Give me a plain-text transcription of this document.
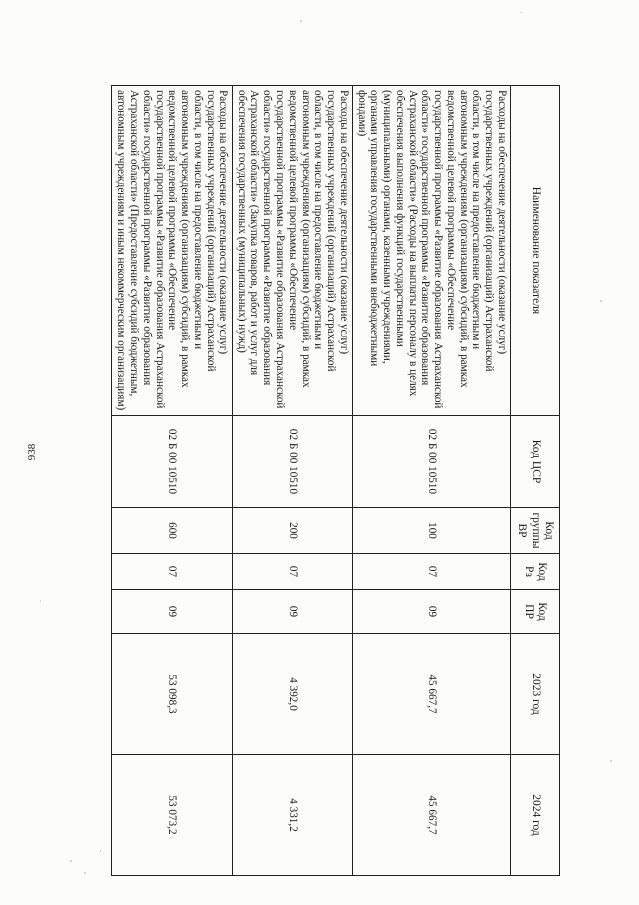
938
Наименование показателя	Код ЦСР	Код группы ВР	Код Рз	Код ПР	2023 год	2024 год
Расходы на обеспечение деятельности (оказание услуг) государственных учреждений (организаций) Астраханской области, в том числе на предоставление бюджетным и автономным учреждениям (организациям) субсидий, в рамках ведомственной целевой программы «Обеспечение государственной программы «Развитие образования Астраханской области» государственной программы «Развитие образования Астраханской области» (Расходы на выплаты персоналу в целях обеспечения выполнения функций государственными (муниципальными) органами, казенными учреждениями, органами управления государственными внебюджетными фондами)	02 Б 00 10510	100	07	09	45 667,7	45 667,7
Расходы на обеспечение деятельности (оказание услуг) государственных учреждений (организаций) Астраханской области, в том числе на предоставление бюджетным и автономным учреждениям (организациям) субсидий, в рамках ведомственной целевой программы «Обеспечение государственной программы «Развитие образования Астраханской области» государственной программы «Развитие образования Астраханской области» (Закупка товаров, работ и услуг для обеспечения государственных (муниципальных) нужд)	02 Б 00 10510	200	07	09	4 392,0	4 331,2
Расходы на обеспечение деятельности (оказание услуг) государственных учреждений (организаций) Астраханской области, в том числе на предоставление бюджетным и автономным учреждениям (организациям) субсидий, в рамках ведомственной целевой программы «Обеспечение государственной программы «Развитие образования Астраханской области» государственной программы «Развитие образования Астраханской области» (Предоставление субсидий бюджетным, автономным учреждениям и иным некоммерческим организациям)	02 Б 00 10510	600	07	09	53 098,3	53 073,2
